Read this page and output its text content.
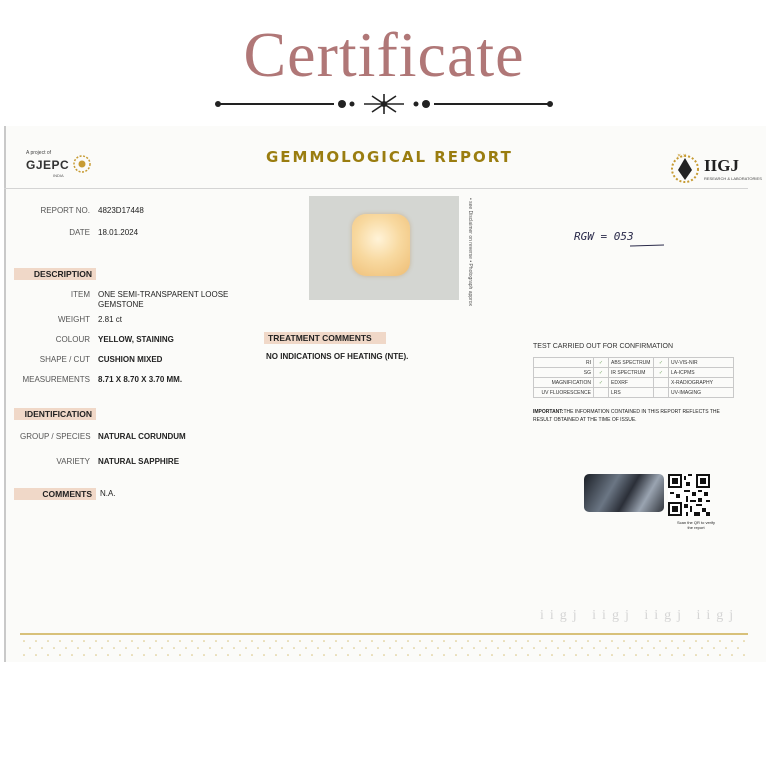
Certificate
A project of
GJEPC
INDIA
GEMMOLOGICAL REPORT	✕ ✕ IIGJ
RESEARCH & LABORATORIES
REPORT NO. 4823D17448
DATE 18.01.2024
DESCRIPTION
ITEM ONE SEMI-TRANSPARENT LOOSE
GEMSTONE
WEIGHT 2.81 ct
COLOUR YELLOW, STAINING
SHAPE / CUT CUSHION MIXED
MEASUREMENTS 8.71 X 8.70 X 3.70 MM.
IDENTIFICATION
GROUP / SPECIES NATURAL CORUNDUM
VARIETY NATURAL SAPPHIRE
COMMENTS	N.A.
• see Disclaimer on reverse • Photograph approx
TREATMENT COMMENTS
NO INDICATIONS OF HEATING (NTE).
RGW = 053
TEST CARRIED OUT FOR CONFIRMATION
RI	✓	ABS SPECTRUM	✓	UV-VIS-NIR
SG	✓	IR SPECTRUM	✓	LA-ICPMS
MAGNIFICATION	✓	EDXRF		X-RADIOGRAPHY
UV FLUORESCENCE		LRS		UV-IMAGING
IMPORTANT:THE INFORMATION CONTAINED IN THIS REPORT REFLECTS THE RESULT OBTAINED AT THE TIME OF ISSUE.
Scan the QR to verify the report
iigj iigj iigj iigj
